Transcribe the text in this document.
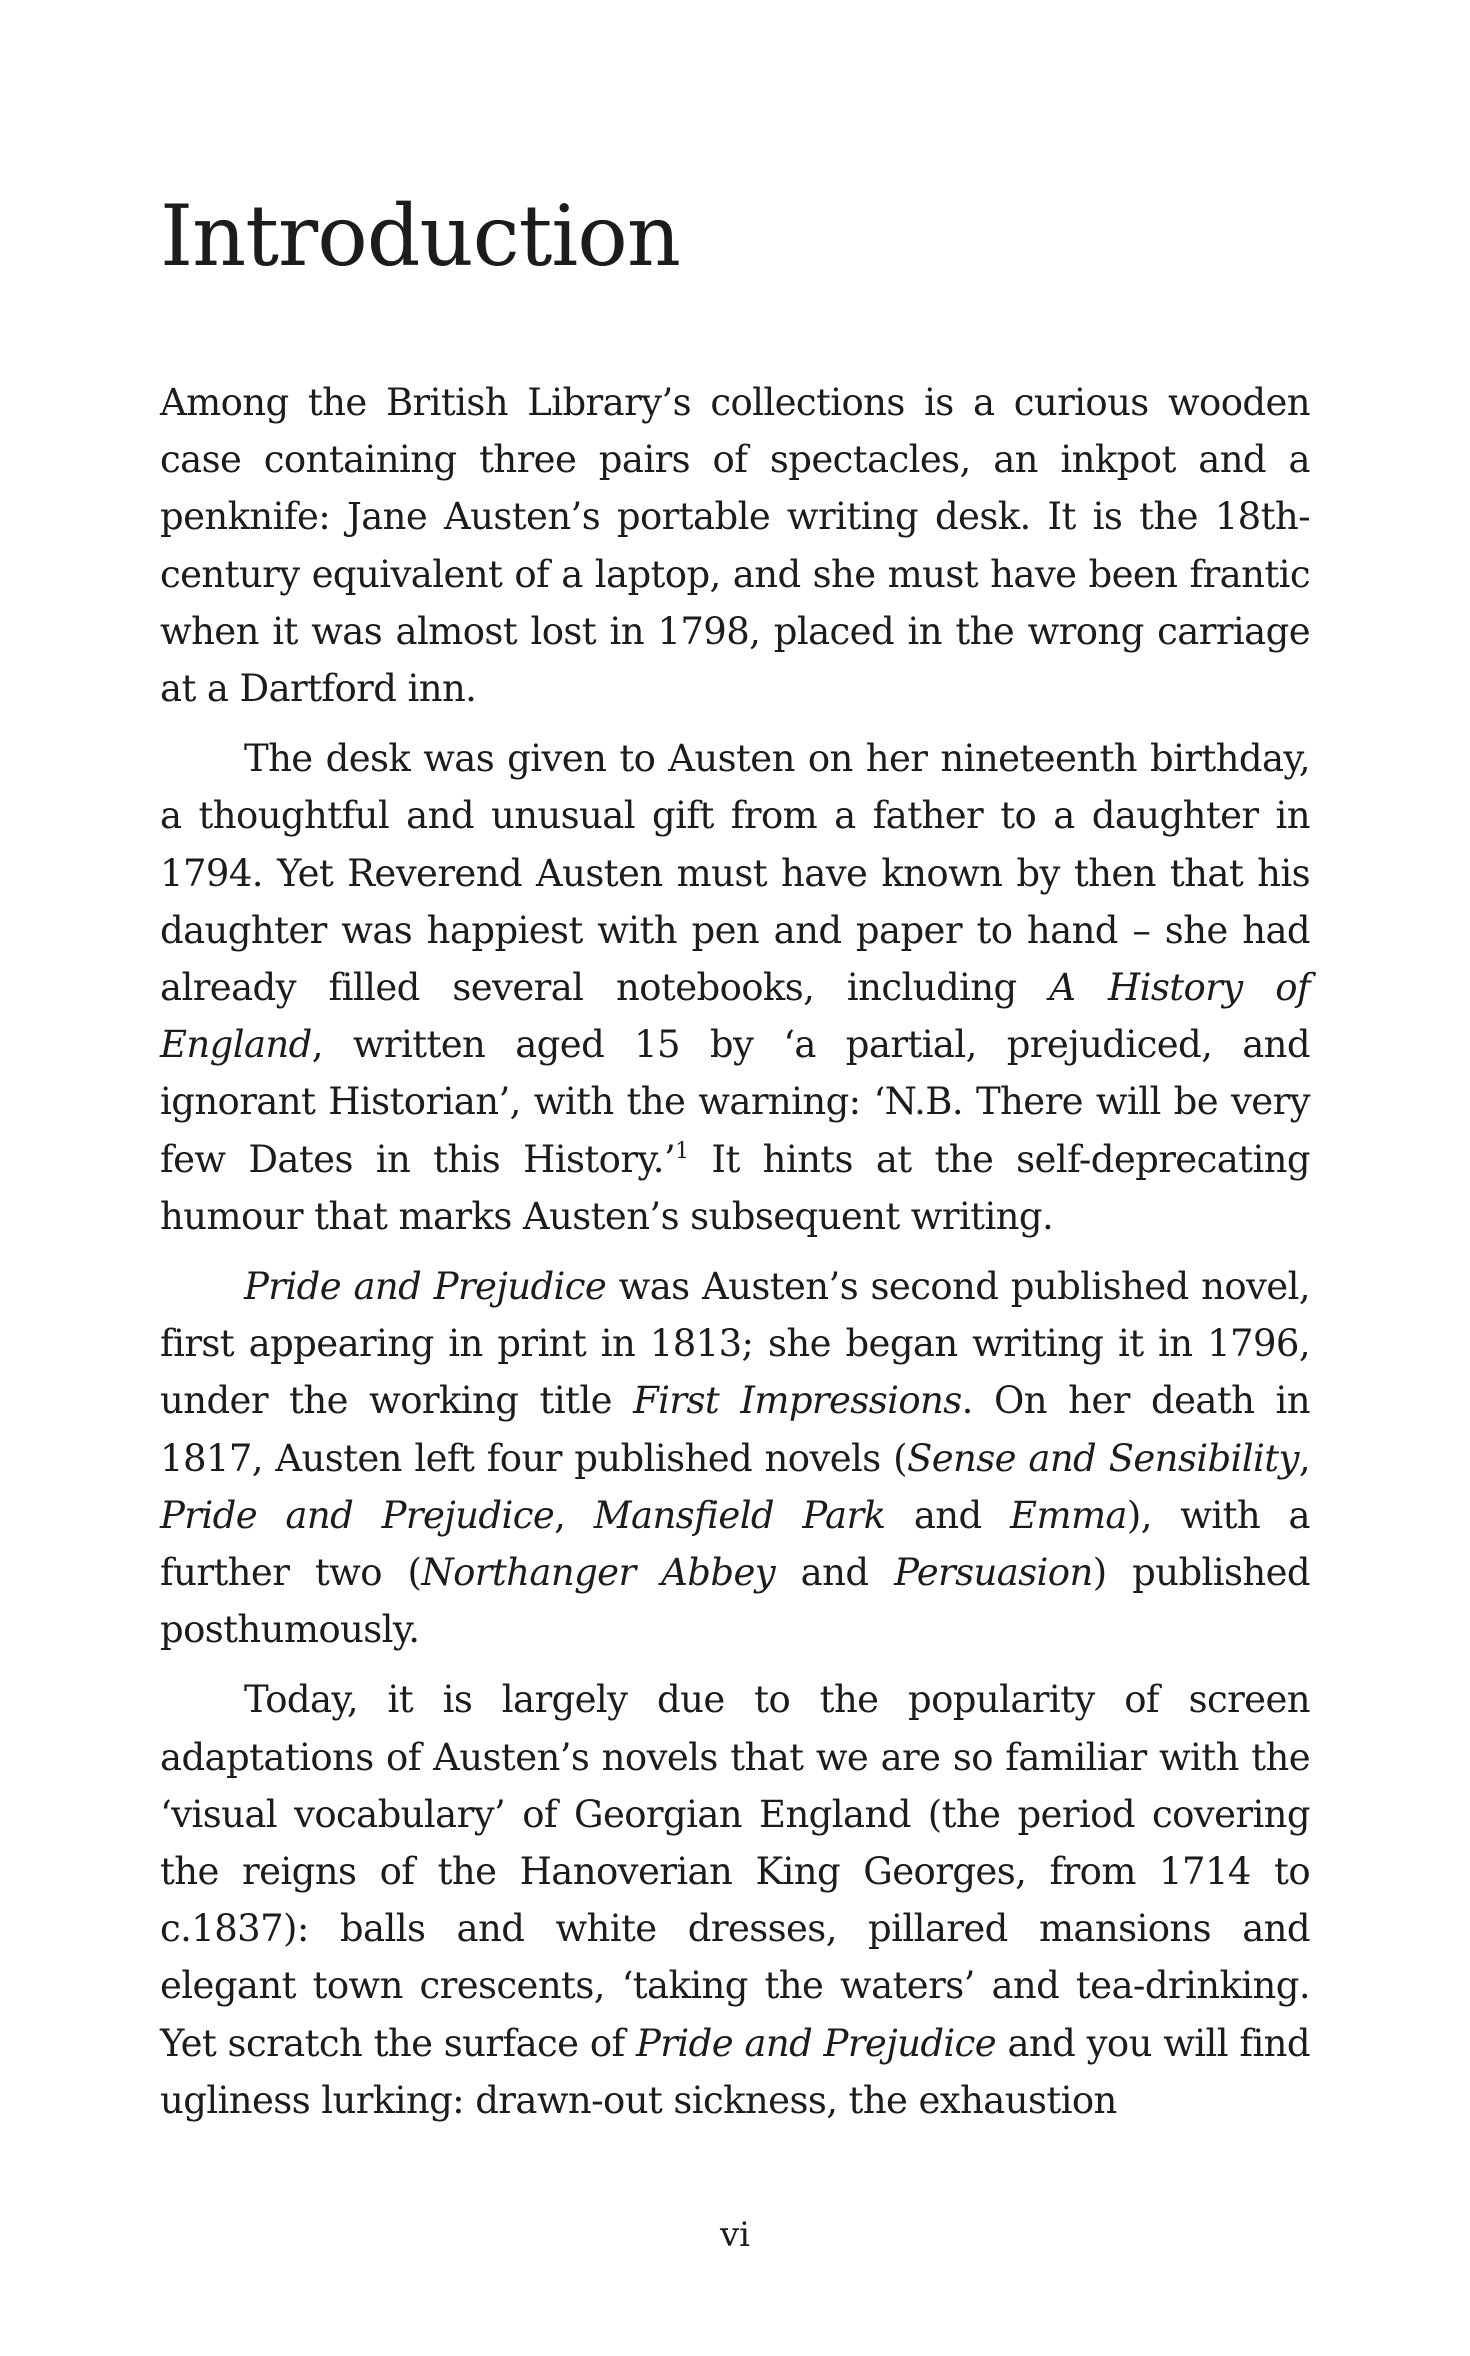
Introduction

Among the British Library’s collections is a curious wooden case containing three pairs of spectacles, an inkpot and a penknife: Jane Austen’s portable writing desk. It is the 18th-century equivalent of a laptop, and she must have been frantic when it was almost lost in 1798, placed in the wrong carriage at a Dartford inn.

The desk was given to Austen on her nineteenth birthday, a thoughtful and unusual gift from a father to a daughter in 1794. Yet Reverend Austen must have known by then that his daughter was happiest with pen and paper to hand – she had already filled several notebooks, including A History of England, written aged 15 by ‘a partial, prejudiced, and ignorant Historian’, with the warning: ‘N.B. There will be very few Dates in this History.’$^1$ It hints at the self-deprecating humour that marks Austen’s subsequent writing.

Pride and Prejudice was Austen’s second published novel, first appearing in print in 1813; she began writing it in 1796, under the working title First Impressions. On her death in 1817, Austen left four published novels (Sense and Sensibility, Pride and Prejudice, Mansfield Park and Emma), with a further two (Northanger Abbey and Persuasion) published posthumously.

Today, it is largely due to the popularity of screen adaptations of Austen’s novels that we are so familiar with the ‘visual vocabulary’ of Georgian England (the period covering the reigns of the Hanoverian King Georges, from 1714 to c.1837): balls and white dresses, pillared mansions and elegant town crescents, ‘taking the waters’ and tea-drinking. Yet scratch the surface of Pride and Prejudice and you will find ugliness lurking: drawn-out sickness, the exhaustion

vi
